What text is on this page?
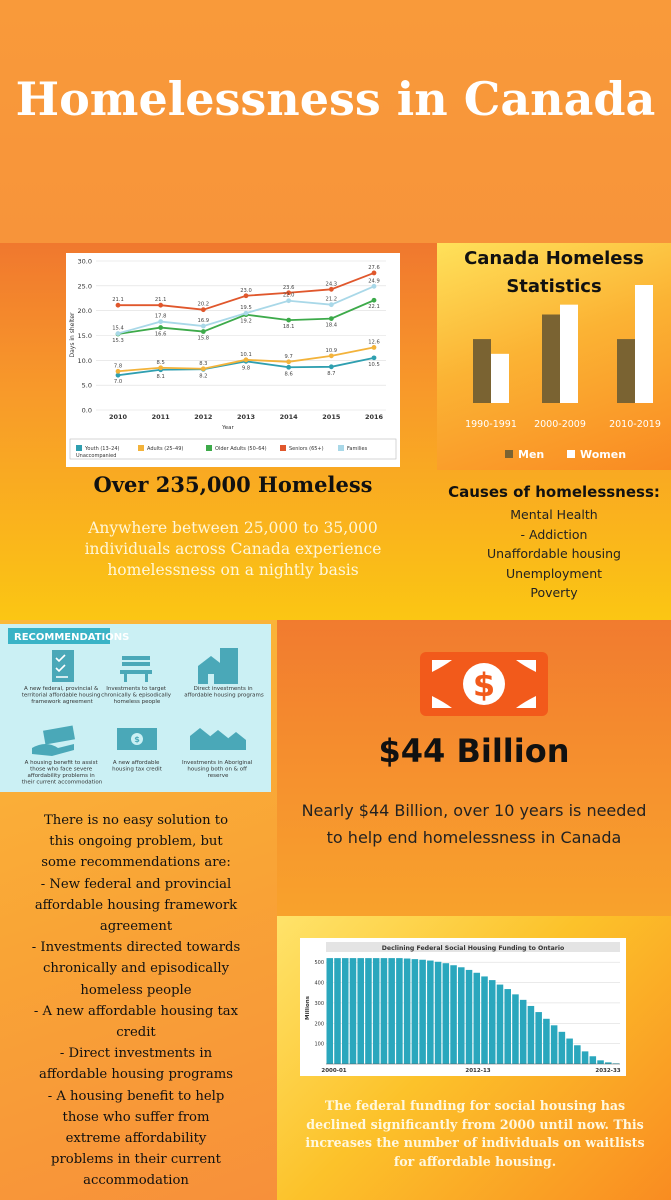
Homelessness in Canada
0.0
5.0
10.0
15.0
20.0
25.0
30.0
Days in shelter
2010	2011	2012	2013	2014	2015	2016
Year
7.0
8.1	8.2
9.8
8.6	8.7
10.5
7.8
8.5	8.3
10.1	9.7
10.9
12.6
15.3
16.6
15.8
19.2
18.1	18.4
22.1
21.1	21.1
20.2
23.0	23.6
24.3
27.6
15.4
17.8
16.9
19.5
22.0
21.2
24.9
Youth (13–24)
Unaccompanied
Adults (25–49)	Older Adults (50–64)	Seniors (65+)	Families
1990-1991 2000-2009 2010-2019
Men	Women
Canada Homeless Statistics
Over 235,000 Homeless
Anywhere between 25,000 to 35,000 individuals across Canada experience homelessness on a nightly basis
Causes of homelessness:
Mental Health
- Addiction
Unaffordable housing
Unemployment
Poverty
RECOMMENDATIONS
A new federal, provincial & territorial affordable housing framework agreement
Investments to target chronically & episodically homeless people
Direct investments in affordable housing programs
A housing benefit to assist those who face severe affordability problems in their current accommodation
$
A new affordable housing tax credit
Investments in Aboriginal housing both on & off reserve
There is no easy solution to
this ongoing problem, but
some recommendations are:
- New federal and provincial
affordable housing framework
agreement
- Investments directed towards
chronically and episodically
homeless people
- A new affordable housing tax
credit
- Direct investments in
affordable housing programs
- A housing benefit to help
those who suffer from
extreme affordability
problems in their current
accommodation
$
$44 Billion
Nearly $44 Billion, over 10 years is needed to help end homelessness in Canada
Declining Federal Social Housing Funding to Ontario
100
200
300
400
500
Millions
2000-01	2012-13	2032-33
The federal funding for social housing has declined significantly from 2000 until now. This increases the number of individuals on waitlists for affordable housing.
